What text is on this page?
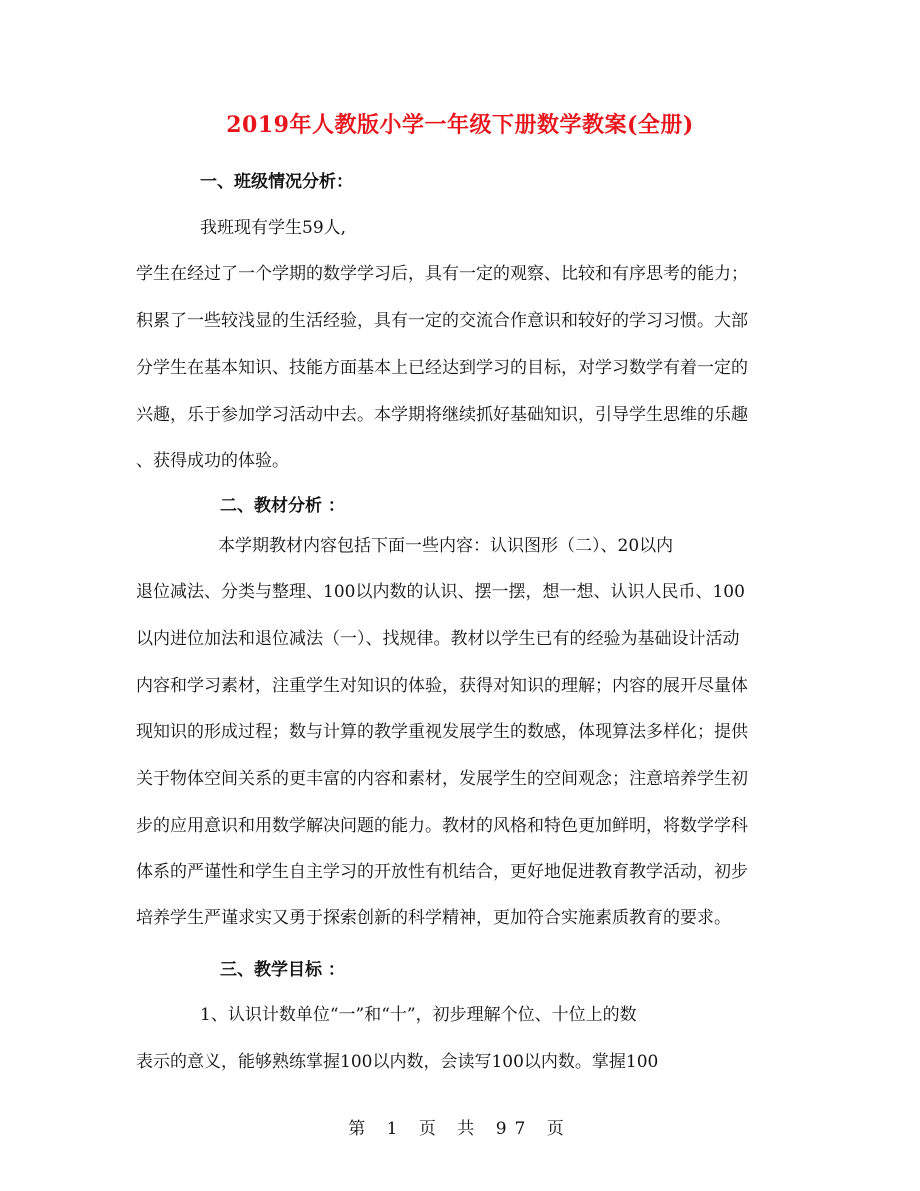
2019年人教版小学一年级下册数学教案(全册)
一、班级情况分析：
我班现有学生59人,
学生在经过了一个学期的数学学习后，具有一定的观察、比较和有序思考的能力；
积累了一些较浅显的生活经验，具有一定的交流合作意识和较好的学习习惯。大部
分学生在基本知识、技能方面基本上已经达到学习的目标，对学习数学有着一定的
兴趣，乐于参加学习活动中去。本学期将继续抓好基础知识，引导学生思维的乐趣
、获得成功的体验。
二、教材分析 ：
本学期教材内容包括下面一些内容：认识图形（二）、20以内
退位减法、分类与整理、100以内数的认识、摆一摆，想一想、认识人民币、100
以内进位加法和退位减法（一）、找规律。教材以学生已有的经验为基础设计活动
内容和学习素材，注重学生对知识的体验，获得对知识的理解；内容的展开尽量体
现知识的形成过程；数与计算的教学重视发展学生的数感，体现算法多样化；提供
关于物体空间关系的更丰富的内容和素材，发展学生的空间观念；注意培养学生初
步的应用意识和用数学解决问题的能力。教材的风格和特色更加鲜明，将数学学科
体系的严谨性和学生自主学习的开放性有机结合，更好地促进教育教学活动，初步
培养学生严谨求实又勇于探索创新的科学精神，更加符合实施素质教育的要求。
三、教学目标 ：
1、认识计数单位“一”和“十”，初步理解个位、十位上的数
表示的意义，能够熟练掌握100以内数，会读写100以内数。掌握100
第 1 页 共 97 页
